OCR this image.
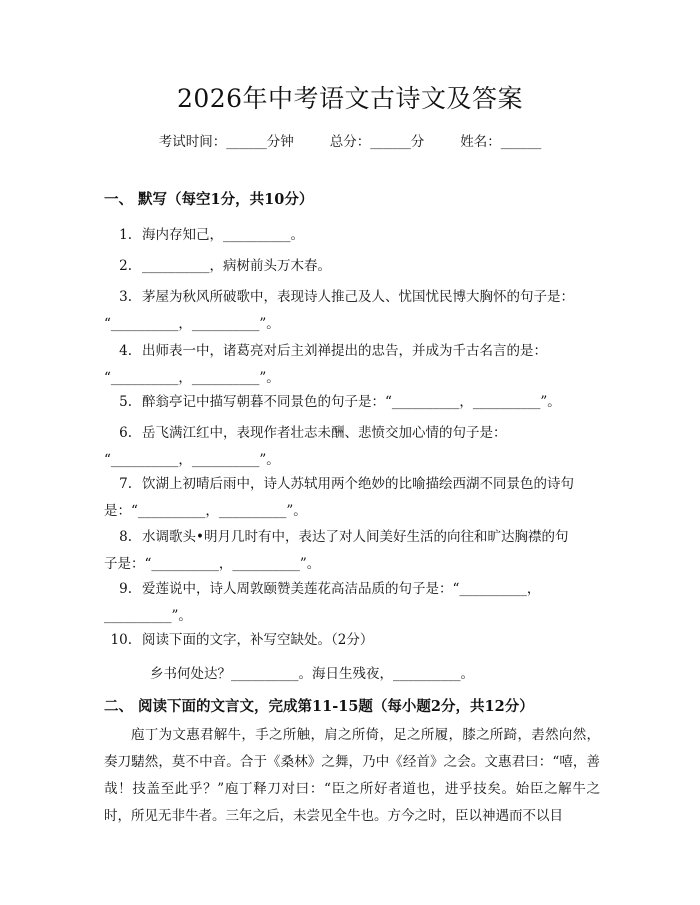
2026年中考语文古诗文及答案
考试时间：______分钟	总分：______分	姓名：______
一、 默写（每空1分，共10分）
1. 海内存知己，__________。
2. __________，病树前头万木春。
3. 茅屋为秋风所破歌中，表现诗人推己及人、忧国忧民博大胸怀的句子是：
“__________，__________”。
4. 出师表一中，诸葛亮对后主刘禅提出的忠告，并成为千古名言的是：
“__________，__________”。
5. 醉翁亭记中描写朝暮不同景色的句子是：“__________，__________”。
6. 岳飞满江红中，表现作者壮志未酬、悲愤交加心情的句子是：
“__________，__________”。
7. 饮湖上初晴后雨中，诗人苏轼用两个绝妙的比喻描绘西湖不同景色的诗句
是：“__________，__________”。
8. 水调歌头•明月几时有中，表达了对人间美好生活的向往和旷达胸襟的句
子是：“__________，__________”。
9. 爱莲说中，诗人周敦颐赞美莲花高洁品质的句子是：“__________，
__________”。
10. 阅读下面的文字，补写空缺处。（2分）
乡书何处达？__________。海日生残夜，__________。
二、 阅读下面的文言文，完成第11-15题（每小题2分，共12分）
庖丁为文惠君解牛，手之所触，肩之所倚，足之所履，膝之所踦，砉然向然，奏刀騞然，莫不中音。合于《桑林》之舞，乃中《经首》之会。文惠君曰：“嘻，善哉！技盖至此乎？”庖丁释刀对曰：“臣之所好者道也，进乎技矣。始臣之解牛之时，所见无非牛者。三年之后，未尝见全牛也。方今之时，臣以神遇而不以目
